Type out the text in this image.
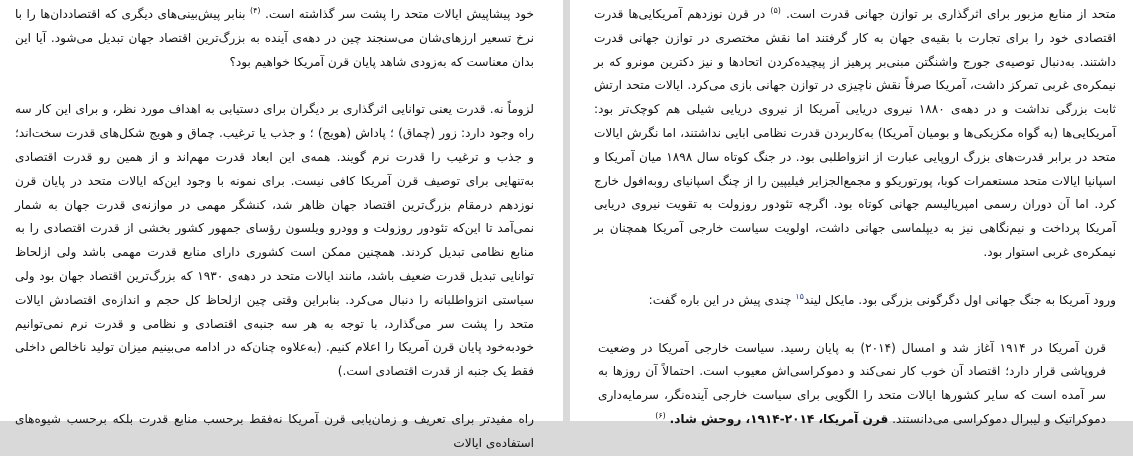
خود پیشاپیش ایالات متحد را پشت سر گذاشته است. $^{(۴)}$ بنابر پیش‌بینی‌های دیگری که اقتصاددان‌ها را با نرخ تسعیر ارزهای‌شان می‌سنجند چین در دهه‌ی آینده به بزرگ‌ترین اقتصاد جهان تبدیل می‌شود. آیا این بدان معناست که به‌زودی شاهد پایان قرن آمریکا خواهیم بود؟

لزوماً نه. قدرت یعنی توانایی اثرگذاری بر دیگران برای دستیابی به اهداف مورد نظر، و برای این کار سه راه وجود دارد: زور (چماق) ؛ پاداش (هویج) ؛ و جذب یا ترغیب. چماق و هویج شکل‌های قدرت سخت‌اند؛ و جذب و ترغیب را قدرت نرم گویند. همه‌ی این ابعاد قدرت مهم‌اند و از همین رو قدرت اقتصادی به‌تنهایی برای توصیف قرن آمریکا کافی نیست. برای نمونه با وجود این‌که ایالات متحد در پایان قرن نوزدهم درمقام بزرگ‌ترین اقتصاد جهان ظاهر شد، کنشگر مهمی در موازنه‌ی قدرت جهان به شمار نمی‌آمد تا این‌که تئودور روزولت و وودرو ویلسون رؤسای جمهور کشور بخشی از قدرت اقتصادی را به منابع نظامی تبدیل کردند. همچنین ممکن است کشوری دارای منابع قدرت مهمی باشد ولی ازلحاظ توانایی تبدیل قدرت ضعیف باشد، مانند ایالات متحد در دهه‌ی ۱۹۳۰ که بزرگ‌ترین اقتصاد جهان بود ولی سیاستی انزواطلبانه را دنبال می‌کرد. بنابراین وقتی چین ازلحاظ کل حجم و اندازه‌ی اقتصادش ایالات متحد را پشت سر می‌گذارد، با توجه به هر سه جنبه‌ی اقتصادی و نظامی و قدرت نرم نمی‌توانیم خودبه‌خود پایان قرن آمریکا را اعلام کنیم. (به‌علاوه چنان‌که در ادامه می‌بینیم میزان تولید ناخالص داخلی فقط یک جنبه از قدرت اقتصادی است.)

راه مفیدتر برای تعریف و زمان‌یابی قرن آمریکا نه‌فقط برحسب منابع قدرت بلکه برحسب شیوه‌های استفاده‌ی ایالات

متحد از منابع مزبور برای اثرگذاری بر توازن جهانی قدرت است. $^{(۵)}$ در قرن نوزدهم آمریکایی‌ها قدرت اقتصادی خود را برای تجارت با بقیه‌ی جهان به کار گرفتند اما نقش مختصری در توازن جهانی قدرت داشتند. به‌دنبال توصیه‌ی جورج واشنگتن مبنی‌بر پرهیز از پیچیده‌کردن اتحادها و نیز دکترین مونرو که بر نیمکره‌ی غربی تمرکز داشت، آمریکا صرفاً نقش ناچیزی در توازن جهانی بازی می‌کرد. ایالات متحد ارتش ثابت بزرگی نداشت و در دهه‌ی ۱۸۸۰ نیروی دریایی آمریکا از نیروی دریایی شیلی هم کوچک‌تر بود: آمریکایی‌ها (به گواه مکزیکی‌ها و بومیان آمریکا) به‌کاربردن قدرت نظامی ابایی نداشتند، اما نگرش ایالات متحد در برابر قدرت‌های بزرگ اروپایی عبارت از انزواطلبی بود. در جنگ کوتاه سال ۱۸۹۸ میان آمریکا و اسپانیا ایالات متحد مستعمرات کوبا، پورتوریکو و مجمع‌الجزایر فیلیپین را از چنگ اسپانیای روبه‌افول خارج کرد. اما آن دوران رسمی امپریالیسم جهانی کوتاه بود. اگرچه تئودور روزولت به تقویت نیروی دریایی آمریکا پرداخت و نیم‌نگاهی نیز به دیپلماسی جهانی داشت، اولویت سیاست خارجی آمریکا همچنان بر نیمکره‌ی غربی استوار بود.

ورود آمریکا به جنگ جهانی اول دگرگونی بزرگی بود. مایکل لیند$^{۱۵}$ چندی پیش در این باره گفت:

قرن آمریکا در ۱۹۱۴ آغاز شد و امسال (۲۰۱۴) به پایان رسید. سیاست خارجی آمریکا در وضعیت فروپاشی قرار دارد؛ اقتصاد آن خوب کار نمی‌کند و دموکراسی‌اش معیوب است. احتمالاً آن روزها به سر آمده است که سایر کشورها ایالات متحد را الگویی برای سیاست خارجی آینده‌نگر، سرمایه‌داری دموکراتیک و لیبرال دموکراسی می‌دانستند. قرن آمریکا، ۲۰۱۴-۱۹۱۴، روحش شاد. $^{(۶)}$
